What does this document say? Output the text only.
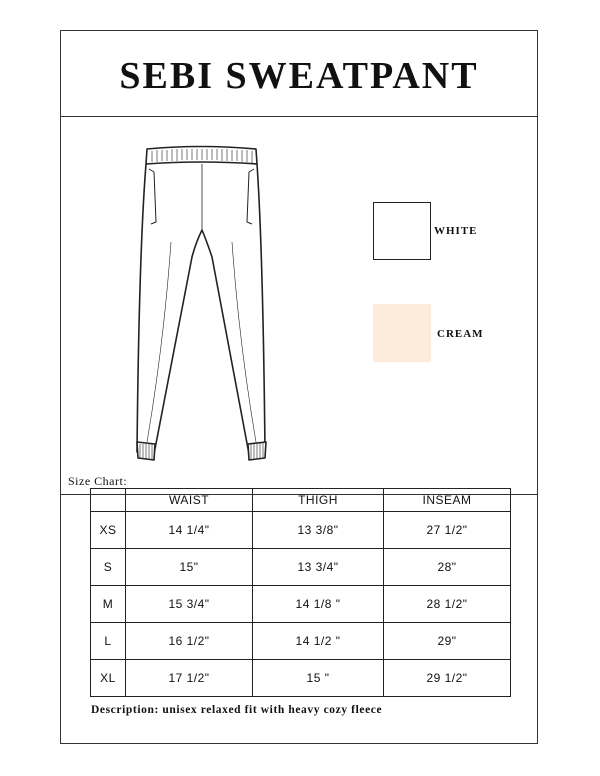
SEBI SWEATPANT
WHITE
CREAM
Size Chart:
	WAIST	THIGH	INSEAM
XS	14 1/4"	13 3/8"	27 1/2"
S	15"	13 3/4"	28"
M	15 3/4"	14 1/8 "	28 1/2"
L	16 1/2"	14 1/2 "	29"
XL	17 1/2"	15 "	29 1/2"
Description: unisex relaxed fit with heavy cozy fleece
